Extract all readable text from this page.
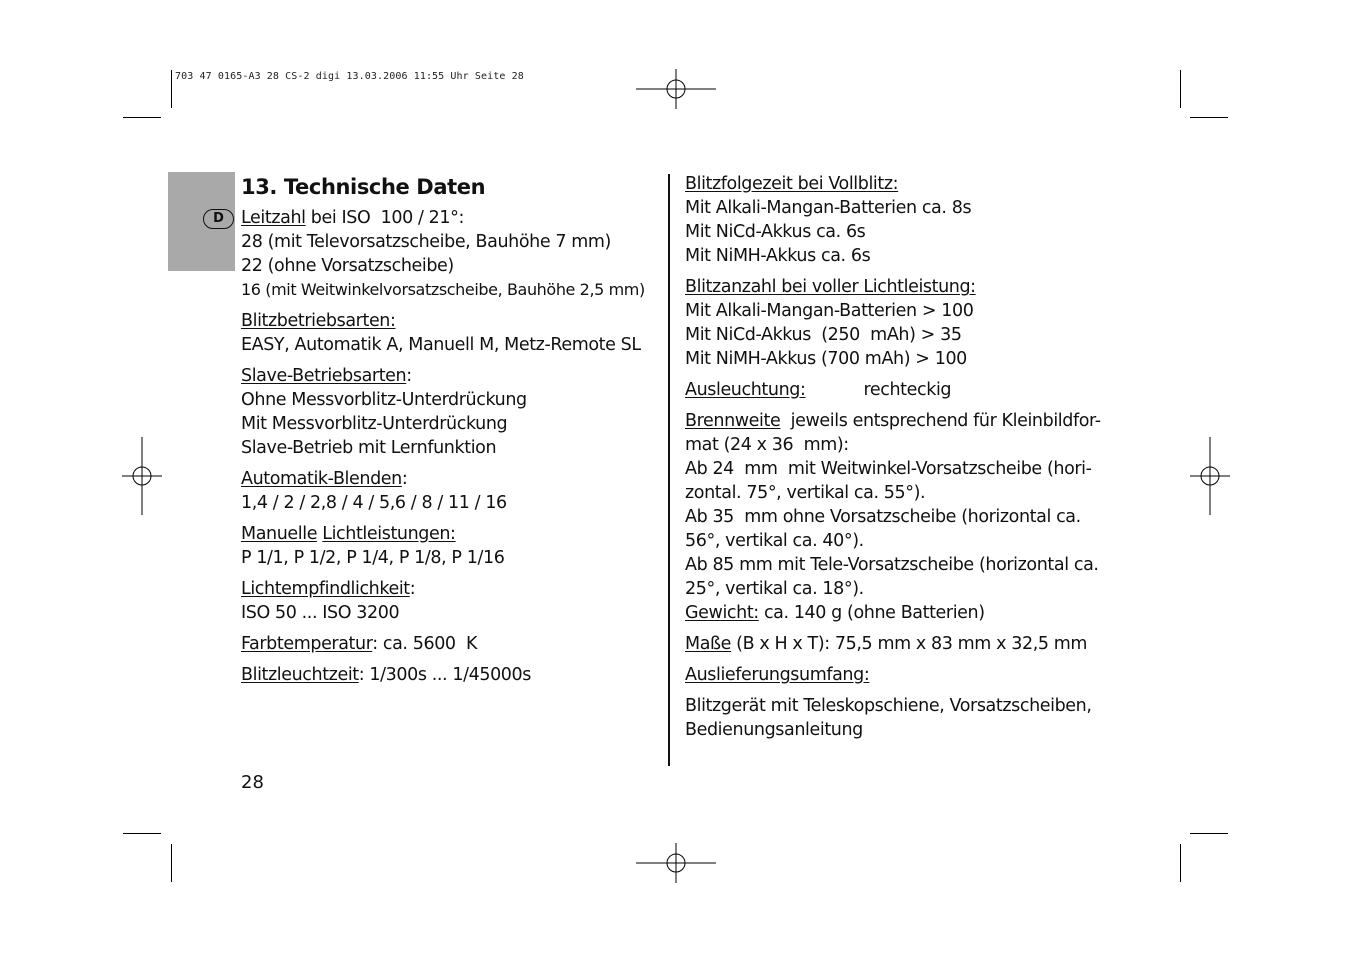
703 47 0165-A3 28 CS-2 digi 13.03.2006 11:55 Uhr Seite 28
D
13. Technische Daten
Leitzahl bei ISO  100 / 21°:
28 (mit Televorsatzscheibe, Bauhöhe 7 mm)
22 (ohne Vorsatzscheibe)
16 (mit Weitwinkelvorsatzscheibe, Bauhöhe 2,5 mm)
Blitzbetriebsarten:
EASY, Automatik A, Manuell M, Metz-Remote SL
Slave-Betriebsarten:
Ohne Messvorblitz-Unterdrückung
Mit Messvorblitz-Unterdrückung
Slave-Betrieb mit Lernfunktion
Automatik-Blenden:
1,4 / 2 / 2,8 / 4 / 5,6 / 8 / 11 / 16
Manuelle Lichtleistungen:
P 1/1, P 1/2, P 1/4, P 1/8, P 1/16
Lichtempfindlichkeit:
ISO 50 ... ISO 3200
Farbtemperatur: ca. 5600  K
Blitzleuchtzeit: 1/300s ... 1/45000s
Blitzfolgezeit bei Vollblitz:
Mit Alkali-Mangan-Batterien ca. 8s
Mit NiCd-Akkus ca. 6s
Mit NiMH-Akkus ca. 6s
Blitzanzahl bei voller Lichtleistung:
Mit Alkali-Mangan-Batterien > 100
Mit NiCd-Akkus  (250  mAh) > 35
Mit NiMH-Akkus (700 mAh) > 100
Ausleuchtung:	rechteckig
Brennweite  jeweils entsprechend für Kleinbildfor-
mat (24 x 36  mm):
Ab 24  mm  mit Weitwinkel-Vorsatzscheibe (hori-
zontal. 75°, vertikal ca. 55°).
Ab 35  mm ohne Vorsatzscheibe (horizontal ca.
56°, vertikal ca. 40°).
Ab 85 mm mit Tele-Vorsatzscheibe (horizontal ca.
25°, vertikal ca. 18°).
Gewicht: ca. 140 g (ohne Batterien)
Maße (B x H x T): 75,5 mm x 83 mm x 32,5 mm
Auslieferungsumfang:
Blitzgerät mit Teleskopschiene, Vorsatzscheiben,
Bedienungsanleitung
28
